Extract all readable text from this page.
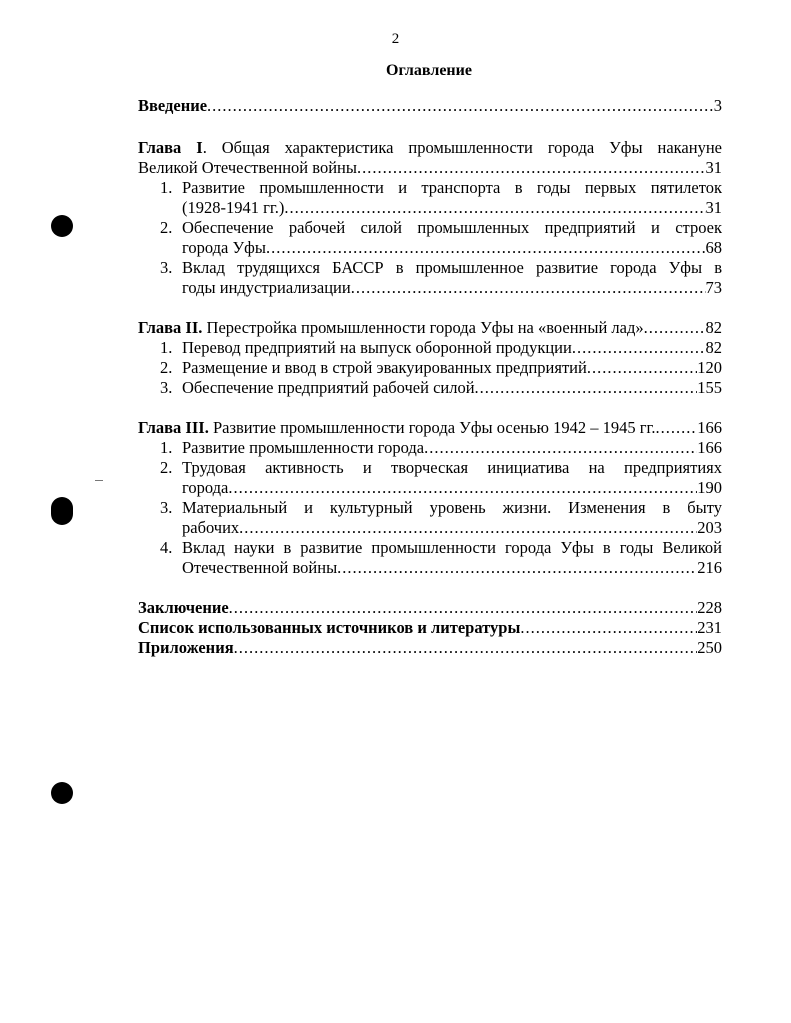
2
Оглавление
Введение .....	3
Глава I. Общая характеристика промышленности города Уфы накануне
Великой Отечественной войны .....	31
1. Развитие промышленности и транспорта в годы первых пятилеток
(1928-1941 гг.) .....	31
2. Обеспечение рабочей силой промышленных предприятий и строек
города Уфы .....	68
3. Вклад трудящихся БАССР в промышленное развитие города Уфы в
годы индустриализации .....	73
Глава II. Перестройка промышленности города Уфы на «военный лад» .....	82
1. Перевод предприятий на выпуск оборонной продукции .....	82
2. Размещение и ввод в строй эвакуированных предприятий .....	120
3. Обеспечение предприятий рабочей силой .....	155
Глава III. Развитие промышленности города Уфы осенью 1942 – 1945 гг. .....	166
1. Развитие промышленности города .....	166
2. Трудовая активность и творческая инициатива на предприятиях
города .....	190
3. Материальный и культурный уровень жизни. Изменения в быту
рабочих .....	203
4. Вклад науки в развитие промышленности города Уфы в годы Великой
Отечественной войны .....	216
Заключение .....	228
Список использованных источников и литературы .....	231
Приложения .....	250
